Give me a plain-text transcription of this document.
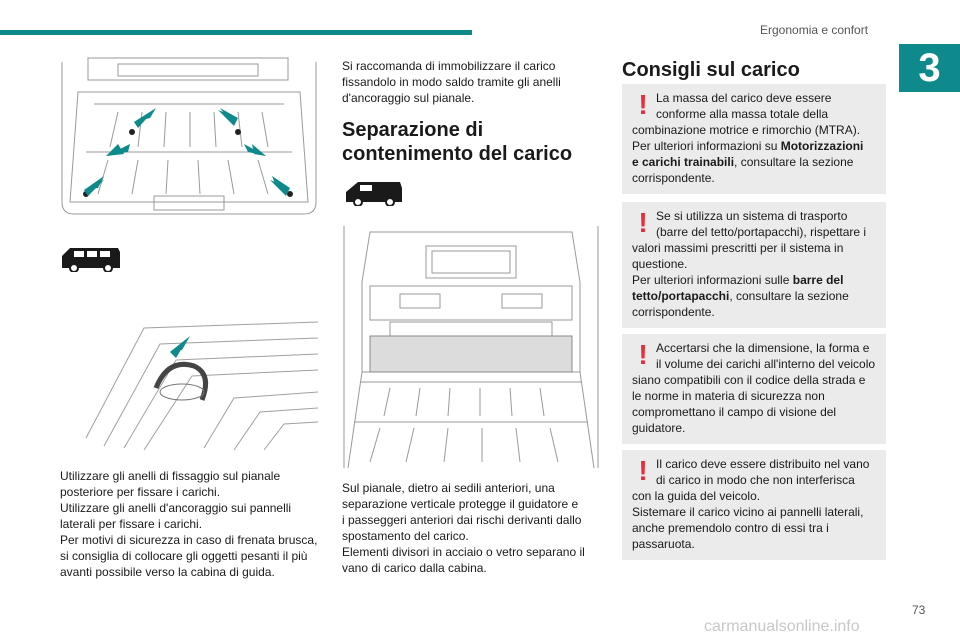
Ergonomia e confort
3

Utilizzare gli anelli di fissaggio sul pianale

posteriore per fissare i carichi.

Utilizzare gli anelli d'ancoraggio sui pannelli

laterali per fissare i carichi.

Per motivi di sicurezza in caso di frenata brusca,

si consiglia di collocare gli oggetti pesanti il più

avanti possibile verso la cabina di guida.

Si raccomanda di immobilizzare il carico

fissandolo in modo saldo tramite gli anelli

d'ancoraggio sul pianale.

Separazione di
contenimento del carico

Sul pianale, dietro ai sedili anteriori, una

separazione verticale protegge il guidatore e

i passeggeri anteriori dai rischi derivanti dallo

spostamento del carico.

Elementi divisori in acciaio o vetro separano il

vano di carico dalla cabina.

Consigli sul carico
! La massa del carico deve essere

conforme alla massa totale della

combinazione motrice e rimorchio (MTRA).

Per ulteriori informazioni su Motorizzazioni

e carichi trainabili, consultare la sezione

corrispondente.

! Se si utilizza un sistema di trasporto

(barre del tetto/portapacchi), rispettare i

valori massimi prescritti per il sistema in

questione.

Per ulteriori informazioni sulle barre del

tetto/portapacchi, consultare la sezione

corrispondente.

! Accertarsi che la dimensione, la forma e

il volume dei carichi all'interno del veicolo

siano compatibili con il codice della strada e

le norme in materia di sicurezza non

compromettano il campo di visione del

guidatore.

! Il carico deve essere distribuito nel vano

di carico in modo che non interferisca

con la guida del veicolo.

Sistemare il carico vicino ai pannelli laterali,

anche premendolo contro di essi tra i

passaruota.

73
carmanualsonline.info
